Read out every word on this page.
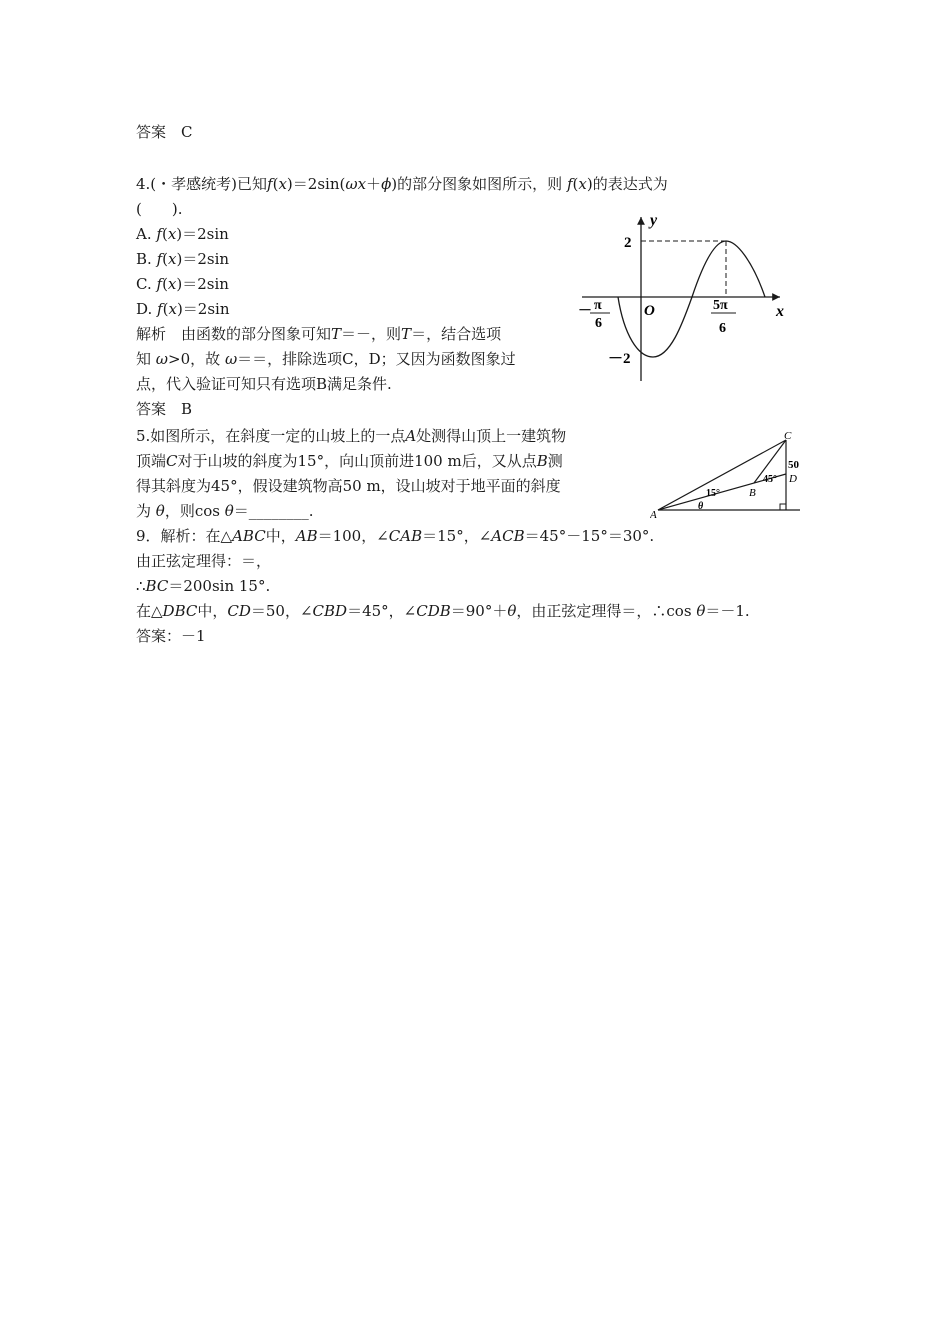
答案　C
4.(・孝感统考)已知f(x)＝2sin(ωx＋ϕ)的部分图象如图所示，则 f(x)的表达式为
(　　).
A. f(x)＝2sin
B. f(x)＝2sin
C. f(x)＝2sin
D. f(x)＝2sin
解析　由函数的部分图象可知T＝－，则T＝，结合选项
知 ω>0，故 ω＝＝，排除选项C，D；又因为函数图象过
点，代入验证可知只有选项B满足条件.
答案　B
y
x
O
2
－2
－ π
6
5π
6
5.如图所示，在斜度一定的山坡上的一点A处测得山顶上一建筑物
顶端C对于山坡的斜度为15°，向山顶前进100 m后，又从点B测
得其斜度为45°，假设建筑物高50 m，设山坡对于地平面的斜度
为 θ，则cos θ＝________.	A
B
C
D
50
15°
45°
θ
9．解析：在△ABC中，AB＝100，∠CAB＝15°，∠ACB＝45°－15°＝30°.
由正弦定理得：＝，
∴BC＝200sin 15°.
在△DBC中，CD＝50，∠CBD＝45°，∠CDB＝90°＋θ，由正弦定理得＝，∴cos θ＝－1.
答案：－1
